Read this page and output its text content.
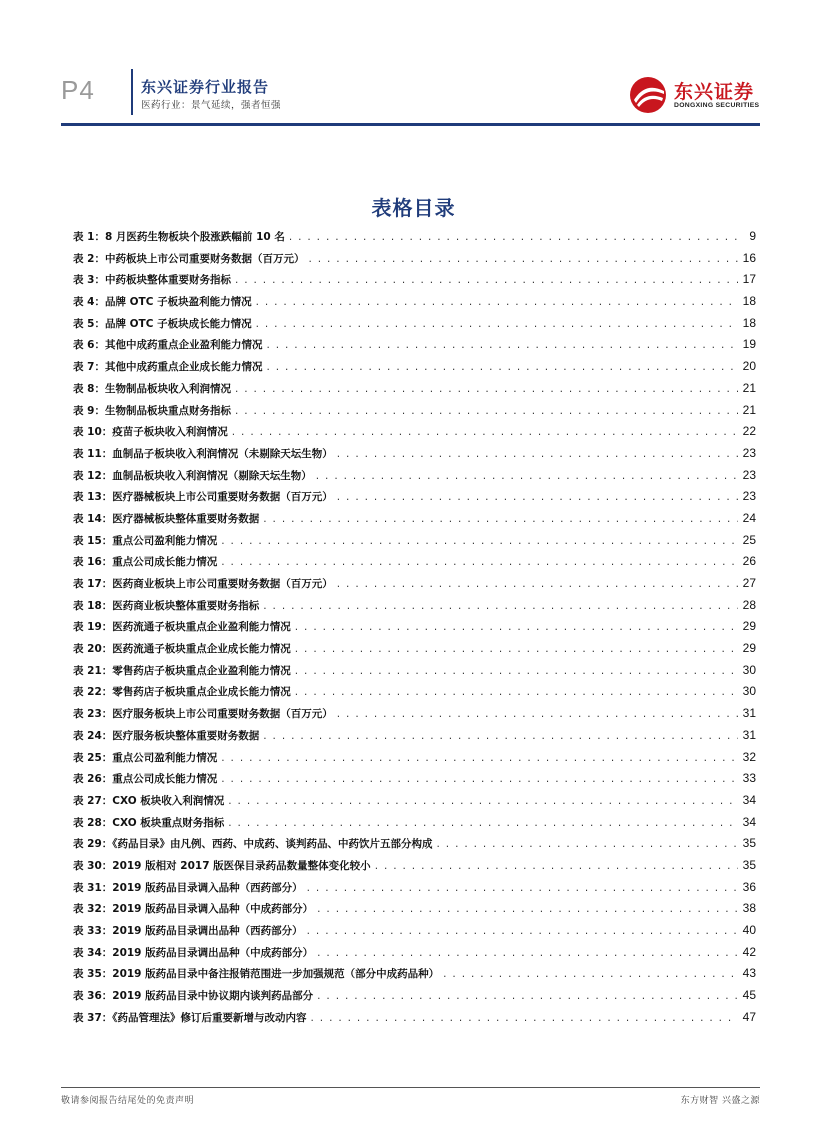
P4	东兴证券行业报告
医药行业：景气延续，强者恒强
东兴证券
DONGXING SECURITIES
表格目录
表 1：8 月医药生物板块个股涨跌幅前 10 名 . . .	9
表 2：中药板块上市公司重要财务数据（百万元） . . .	16
表 3：中药板块整体重要财务指标 . . .	17
表 4：品牌 OTC 子板块盈利能力情况 . . .	18
表 5：品牌 OTC 子板块成长能力情况 . . .	18
表 6：其他中成药重点企业盈利能力情况 . . .	19
表 7：其他中成药重点企业成长能力情况 . . .	20
表 8：生物制品板块收入利润情况 . . .	21
表 9：生物制品板块重点财务指标 . . .	21
表 10：疫苗子板块收入利润情况 . . .	22
表 11：血制品子板块收入利润情况（未剔除天坛生物） . . .	23
表 12：血制品板块收入利润情况（剔除天坛生物） . . .	23
表 13：医疗器械板块上市公司重要财务数据（百万元） . . .	23
表 14：医疗器械板块整体重要财务数据 . . .	24
表 15：重点公司盈利能力情况 . . .	25
表 16：重点公司成长能力情况 . . .	26
表 17：医药商业板块上市公司重要财务数据（百万元） . . .	27
表 18：医药商业板块整体重要财务指标 . . .	28
表 19：医药流通子板块重点企业盈利能力情况 . . .	29
表 20：医药流通子板块重点企业成长能力情况 . . .	29
表 21：零售药店子板块重点企业盈利能力情况 . . .	30
表 22：零售药店子板块重点企业成长能力情况 . . .	30
表 23：医疗服务板块上市公司重要财务数据（百万元） . . .	31
表 24：医疗服务板块整体重要财务数据 . . .	31
表 25：重点公司盈利能力情况 . . .	32
表 26：重点公司成长能力情况 . . .	33
表 27：CXO 板块收入利润情况 . . .	34
表 28：CXO 板块重点财务指标 . . .	34
表 29：《药品目录》由凡例、西药、中成药、谈判药品、中药饮片五部分构成 . . .	35
表 30：2019 版相对 2017 版医保目录药品数量整体变化较小 . . .	35
表 31：2019 版药品目录调入品种（西药部分） . . .	36
表 32：2019 版药品目录调入品种（中成药部分） . . .	38
表 33：2019 版药品目录调出品种（西药部分） . . .	40
表 34：2019 版药品目录调出品种（中成药部分） . . .	42
表 35：2019 版药品目录中备注报销范围进一步加强规范（部分中成药品种） . . .	43
表 36：2019 版药品目录中协议期内谈判药品部分 . . .	45
表 37：《药品管理法》修订后重要新增与改动内容 . . .	47
敬请参阅报告结尾处的免责声明	东方财智 兴盛之源
